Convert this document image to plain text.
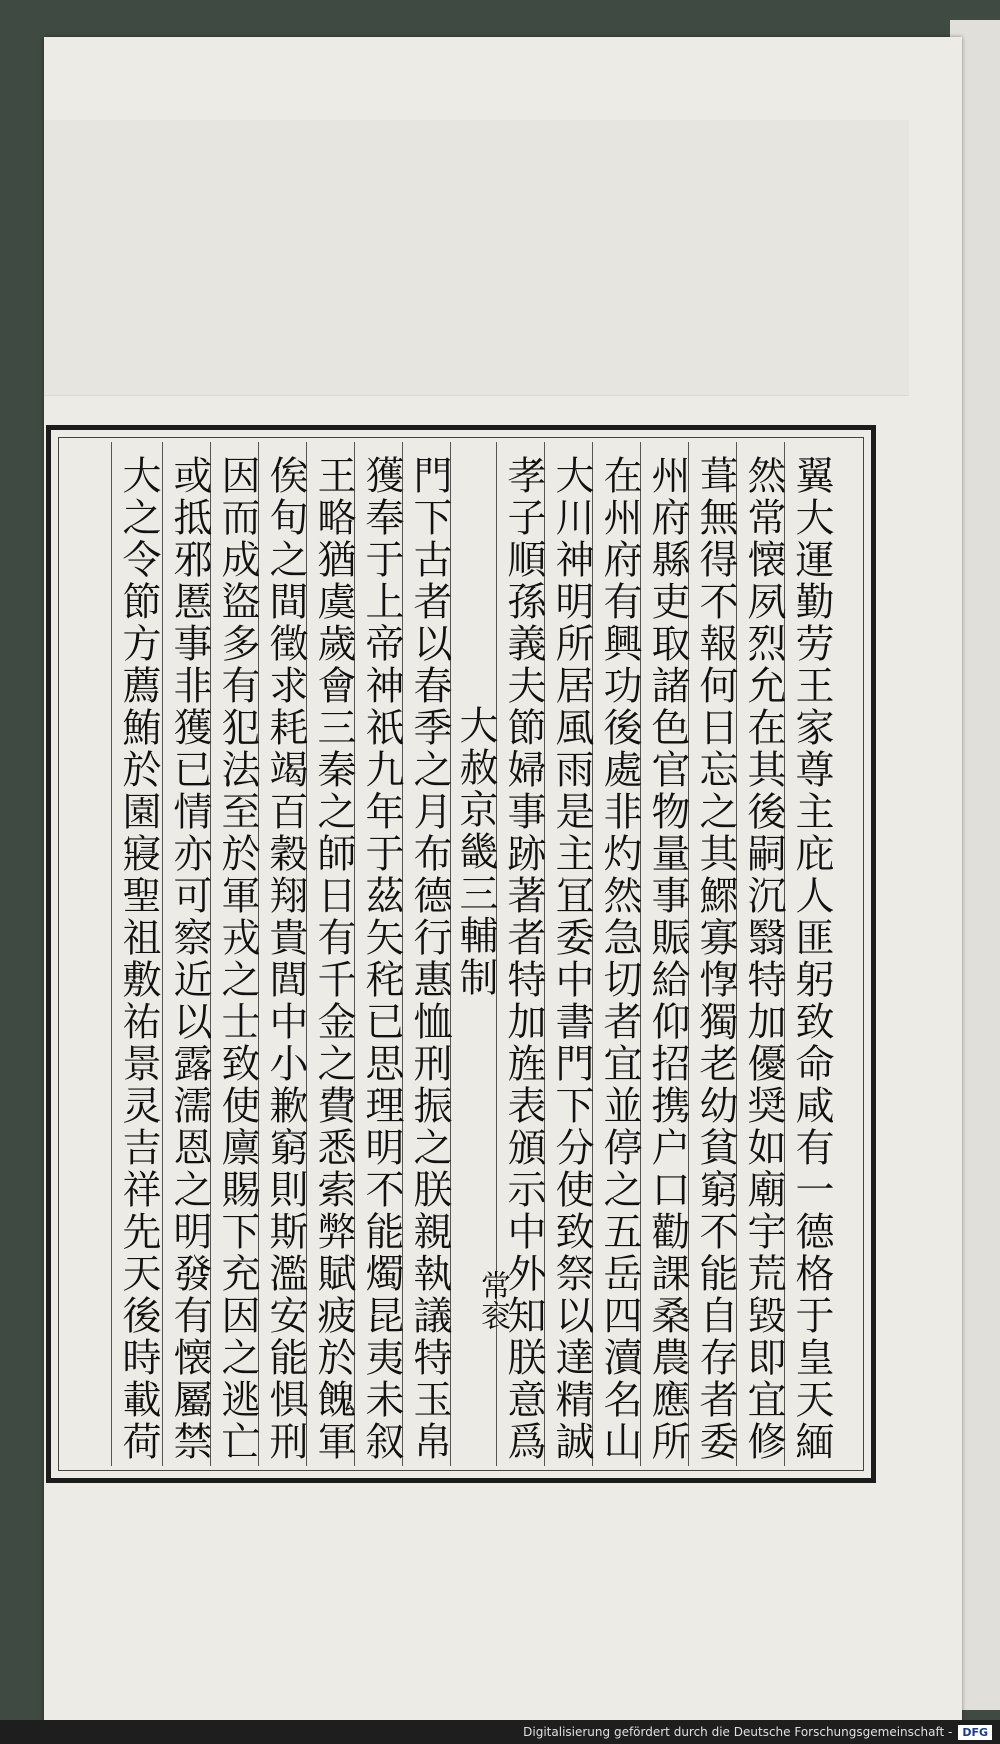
翼大運勤劳王家尊主庇人匪躬致命咸有一德格于皇天緬
然常懐夙烈允在其後嗣沉翳特加優奨如廟宇荒毀即宜修
葺無得不報何日忘之其鰥寡惸獨老幼貧窮不能自存者委
州府縣吏取諸色官物量事賑給仰招携户口勸課桑農應所
在州府有興功後處非灼然急切者宜並停之五岳四瀆名山
大川神明所居風雨是主冝委中書門下分使致祭以達精誠
孝子順孫義夫節婦事跡著者特加旌表頒示中外知朕意爲
大赦京畿三輔制
門下古者以春季之月布德行惠恤刑振之朕親執議特玉帛
獲奉于上帝神祇九年于茲矢秺已思理明不能燭昆夷未叙
王略猶虞歲會三秦之師日有千金之費悉索弊賦疲於餽軍
俟旬之間徵求耗竭百穀翔貴閭中小歉窮則斯濫安能惧刑
因而成盜多有犯法至於軍戎之士致使廪賜下充因之逃亡
或抵邪慝事非獲已情亦可察近以露濡恩之明發有懐屬禁
大之令節方薦鮪於園寢聖祖敷祐景灵吉祥先天後時載荷	常衮
Digitalisierung gefördert durch die Deutsche Forschungsgemeinschaft - DFG
